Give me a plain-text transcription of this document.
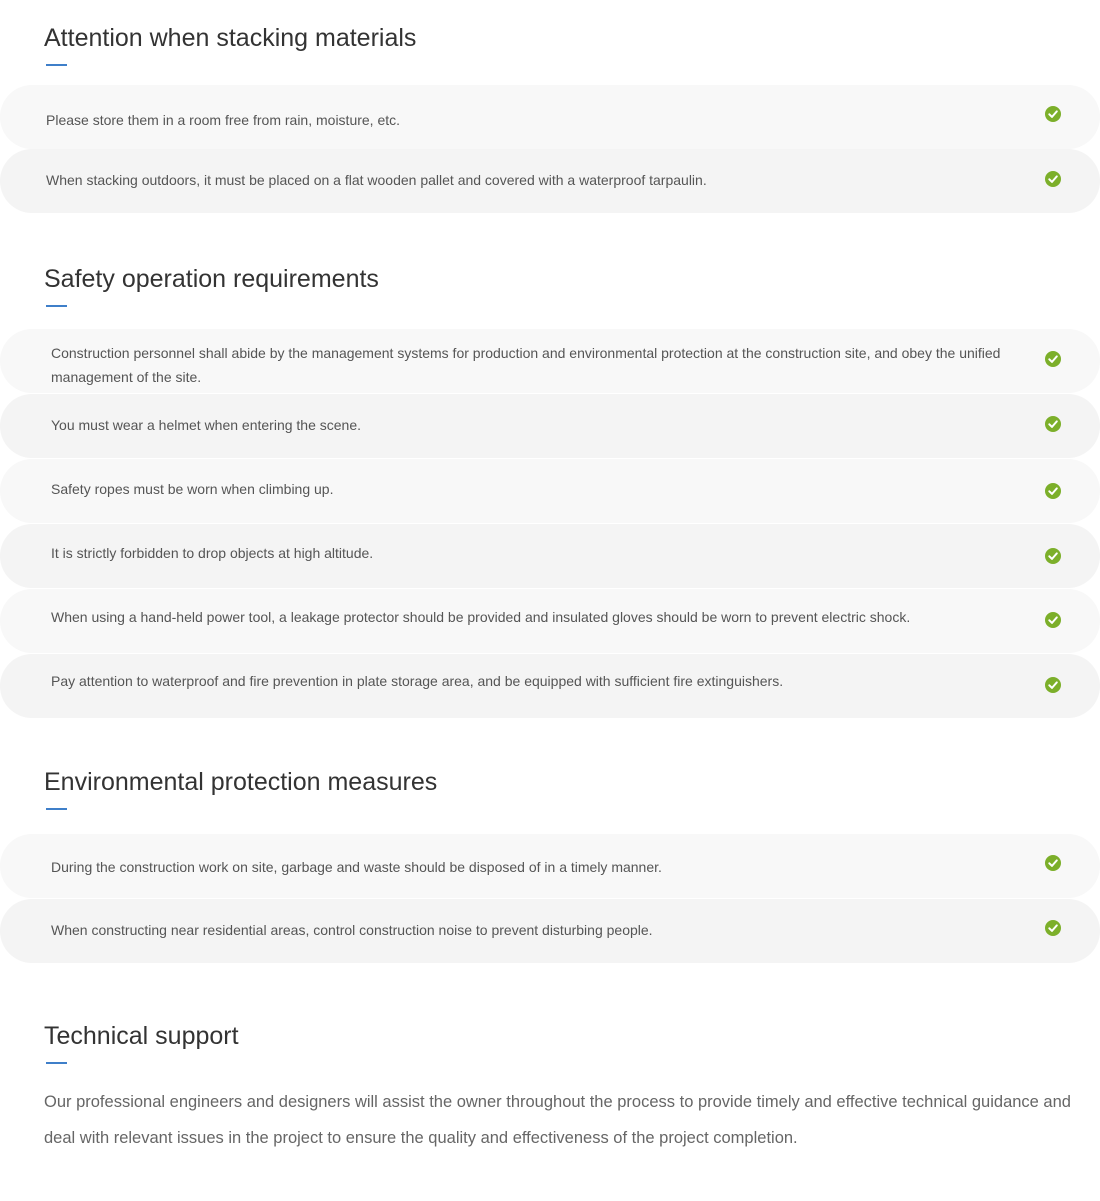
Attention when stacking materials
Please store them in a room free from rain, moisture, etc.
When stacking outdoors, it must be placed on a flat wooden pallet and covered with a waterproof tarpaulin.
Safety operation requirements
Construction personnel shall abide by the management systems for production and environmental protection at the construction site, and obey the unified management of the site.
You must wear a helmet when entering the scene.
Safety ropes must be worn when climbing up.
It is strictly forbidden to drop objects at high altitude.
When using a hand-held power tool, a leakage protector should be provided and insulated gloves should be worn to prevent electric shock.
Pay attention to waterproof and fire prevention in plate storage area, and be equipped with sufficient fire extinguishers.
Environmental protection measures
During the construction work on site, garbage and waste should be disposed of in a timely manner.
When constructing near residential areas, control construction noise to prevent disturbing people.
Technical support

Our professional engineers and designers will assist the owner throughout the process to provide timely and effective technical guidance and deal with relevant issues in the project to ensure the quality and effectiveness of the project completion.
